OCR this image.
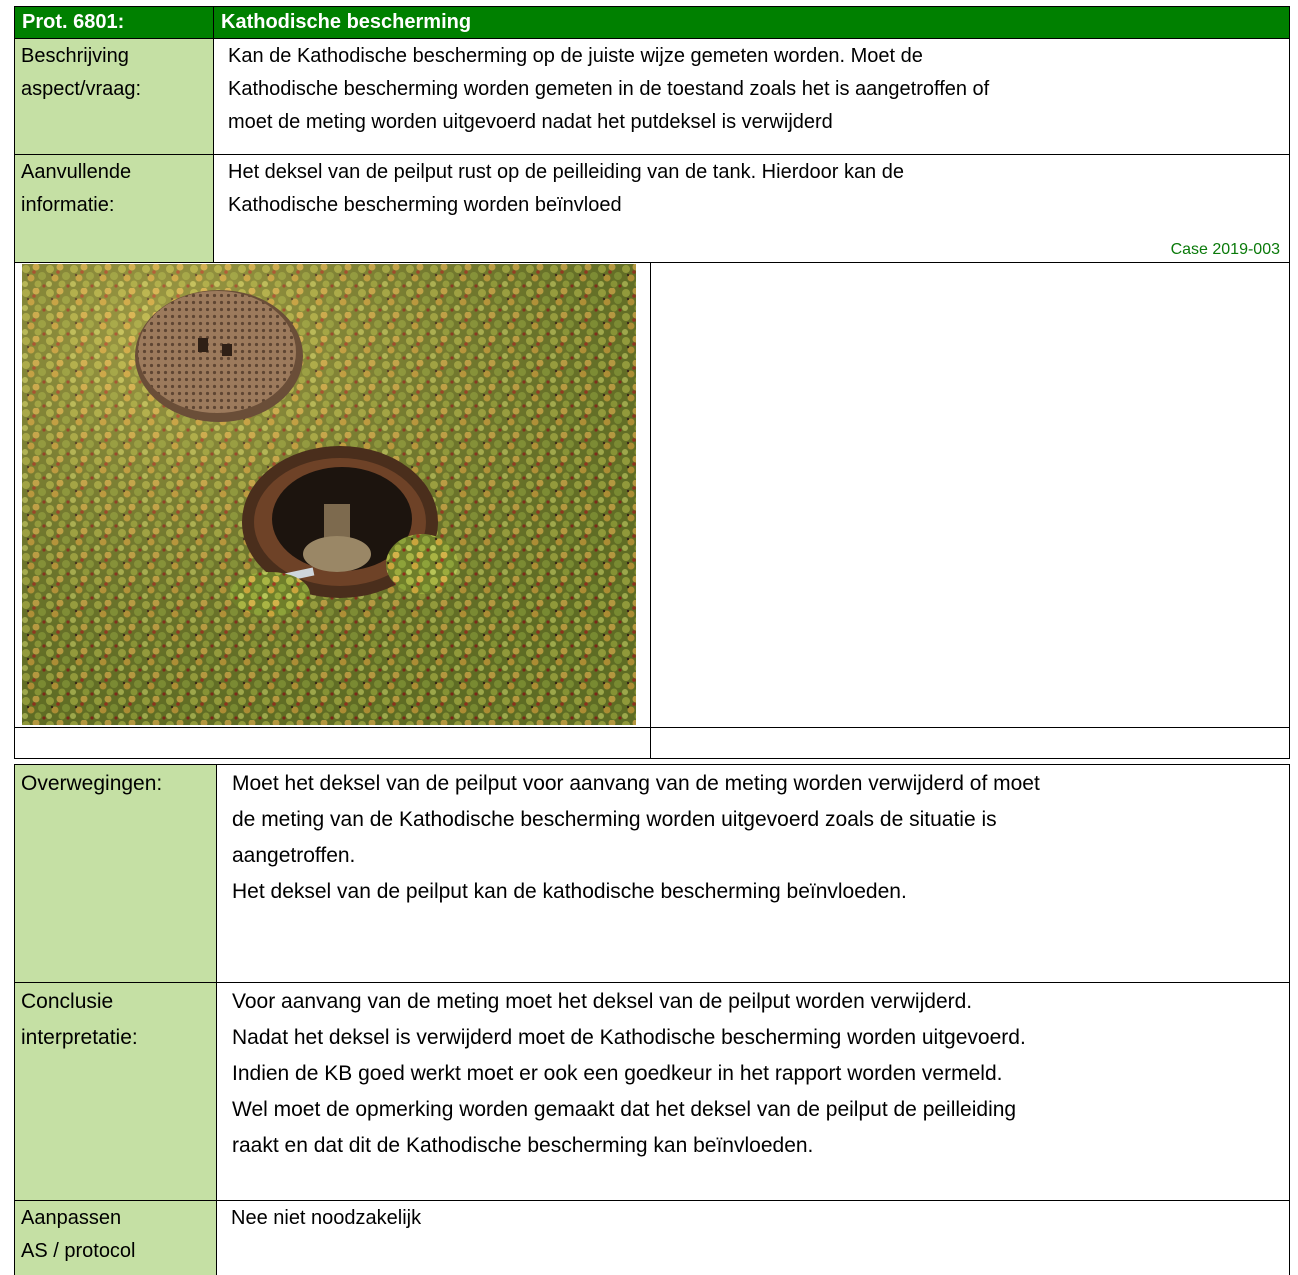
Prot. 6801:	Kathodische bescherming
Beschrijving
aspect/vraag:
Kan de Kathodische bescherming op de juiste wijze gemeten worden. Moet de
Kathodische bescherming worden gemeten in de toestand zoals het is aangetroffen of
moet de meting worden uitgevoerd nadat het putdeksel is verwijderd
Aanvullende
informatie:
Het deksel van de peilput rust op de peilleiding van de tank. Hierdoor kan de
Kathodische bescherming worden beïnvloed
Case 2019-003
Overwegingen:	Moet het deksel van de peilput voor aanvang van de meting worden verwijderd of moet
de meting van de Kathodische bescherming worden uitgevoerd zoals de situatie is
aangetroffen.
Het deksel van de peilput kan de kathodische bescherming beïnvloeden.
Conclusie
interpretatie:
Voor aanvang van de meting moet het deksel van de peilput worden verwijderd.
Nadat het deksel is verwijderd moet de Kathodische bescherming worden uitgevoerd.
Indien de KB goed werkt moet er ook een goedkeur in het rapport worden vermeld.
Wel moet de opmerking worden gemaakt dat het deksel van de peilput de peilleiding
raakt en dat dit de Kathodische bescherming kan beïnvloeden.
Aanpassen
AS / protocol
Nee niet noodzakelijk
